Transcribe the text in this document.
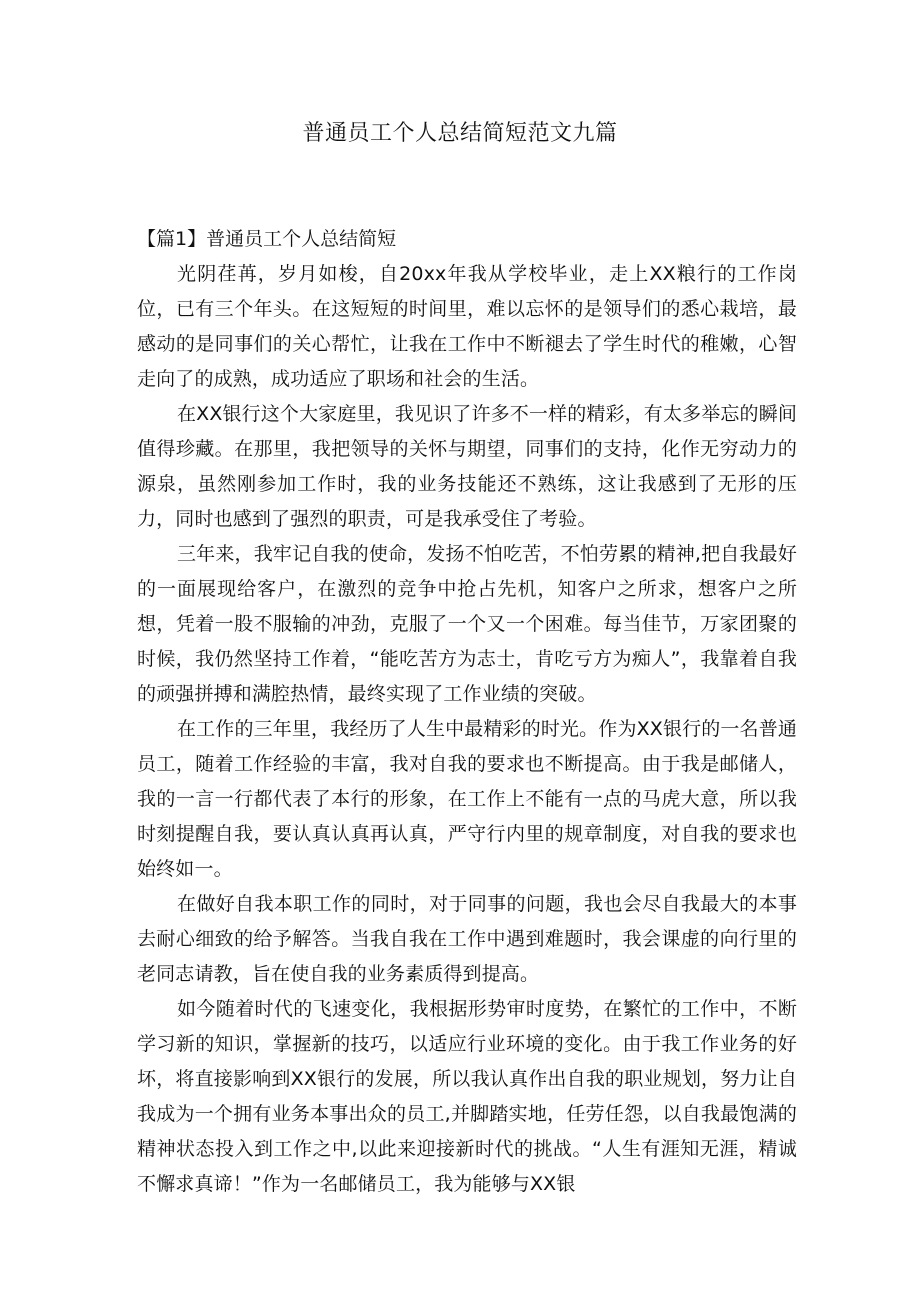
普通员工个人总结简短范文九篇

【篇1】普通员工个人总结简短

光阴荏苒，岁月如梭，自20xx年我从学校毕业，走上XX粮行的工作岗位，已有三个年头。在这短短的时间里，难以忘怀的是领导们的悉心栽培，最感动的是同事们的关心帮忙，让我在工作中不断褪去了学生时代的稚嫩，心智走向了的成熟，成功适应了职场和社会的生活。

在XX银行这个大家庭里，我见识了许多不一样的精彩，有太多举忘的瞬间值得珍藏。在那里，我把领导的关怀与期望，同事们的支持，化作无穷动力的源泉，虽然刚参加工作时，我的业务技能还不熟练，这让我感到了无形的压力，同时也感到了强烈的职责，可是我承受住了考验。

三年来，我牢记自我的使命，发扬不怕吃苦，不怕劳累的精神,把自我最好的一面展现给客户，在激烈的竞争中抢占先机，知客户之所求，想客户之所想，凭着一股不服输的冲劲，克服了一个又一个困难。每当佳节，万家团聚的时候，我仍然坚持工作着，“能吃苦方为志士，肯吃亏方为痴人”，我靠着自我的顽强拼搏和满腔热情，最终实现了工作业绩的突破。

在工作的三年里，我经历了人生中最精彩的时光。作为XX银行的一名普通员工，随着工作经验的丰富，我对自我的要求也不断提高。由于我是邮储人，我的一言一行都代表了本行的形象，在工作上不能有一点的马虎大意，所以我时刻提醒自我，要认真认真再认真，严守行内里的规章制度，对自我的要求也始终如一。

在做好自我本职工作的同时，对于同事的问题，我也会尽自我最大的本事去耐心细致的给予解答。当我自我在工作中遇到难题时，我会课虚的向行里的老同志请教，旨在使自我的业务素质得到提高。

如今随着时代的飞速变化，我根据形势审时度势，在繁忙的工作中，不断学习新的知识，掌握新的技巧，以适应行业环境的变化。由于我工作业务的好坏，将直接影响到XX银行的发展，所以我认真作出自我的职业规划，努力让自我成为一个拥有业务本事出众的员工,并脚踏实地，任劳任怨，以自我最饱满的精神状态投入到工作之中,以此来迎接新时代的挑战。“人生有涯知无涯，精诚不懈求真谛！”作为一名邮储员工，我为能够与XX银
